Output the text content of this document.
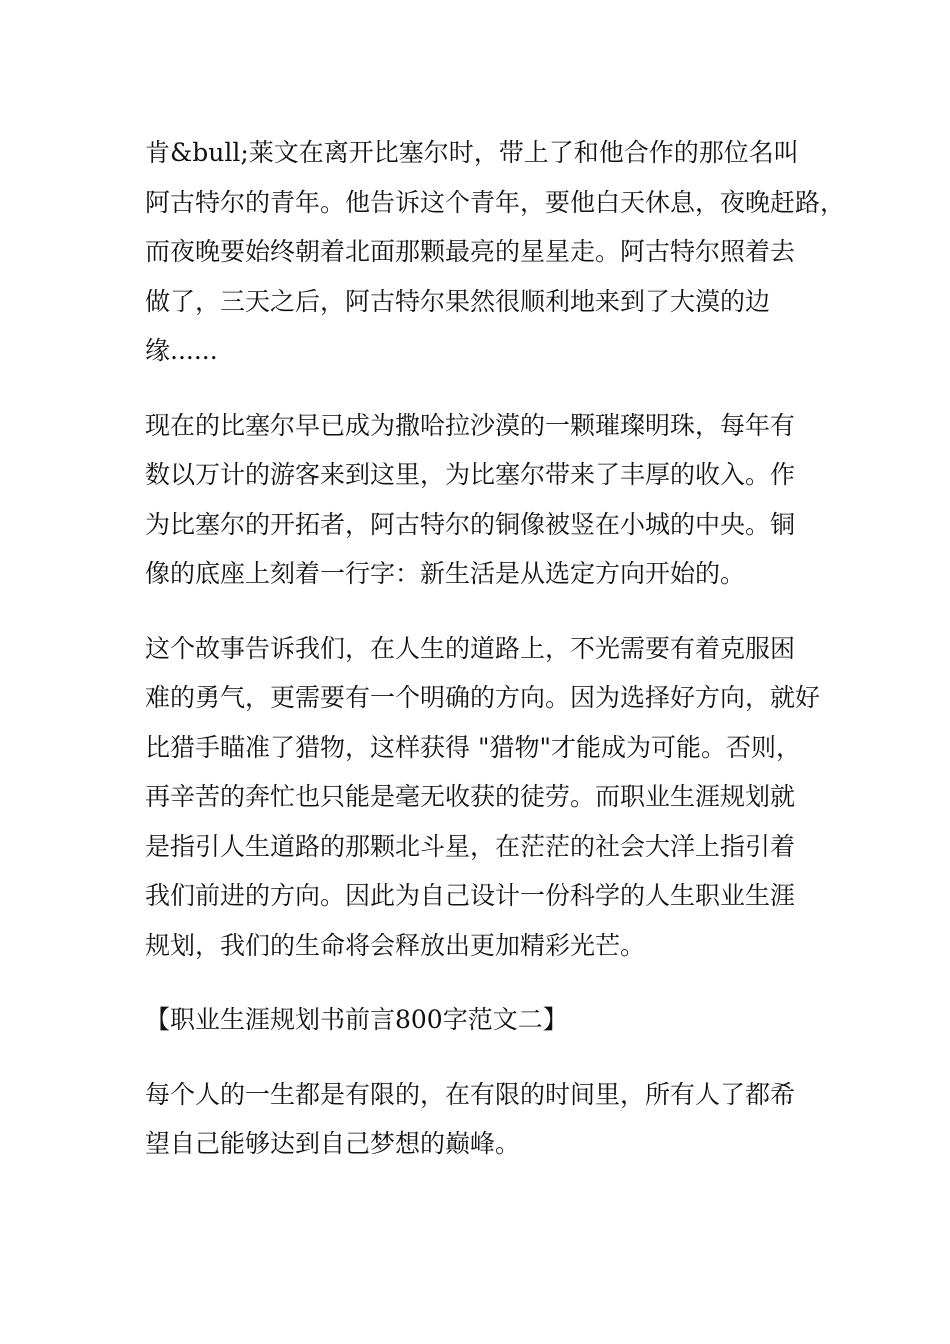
肯&bull;莱文在离开比塞尔时，带上了和他合作的那位名叫
阿古特尔的青年。他告诉这个青年，要他白天休息，夜晚赶路，
而夜晚要始终朝着北面那颗最亮的星星走。阿古特尔照着去
做了，三天之后，阿古特尔果然很顺利地来到了大漠的边
缘......

现在的比塞尔早已成为撒哈拉沙漠的一颗璀璨明珠，每年有
数以万计的游客来到这里，为比塞尔带来了丰厚的收入。作
为比塞尔的开拓者，阿古特尔的铜像被竖在小城的中央。铜
像的底座上刻着一行字：新生活是从选定方向开始的。

这个故事告诉我们，在人生的道路上，不光需要有着克服困
难的勇气，更需要有一个明确的方向。因为选择好方向，就好
比猎手瞄准了猎物，这样获得 "猎物"才能成为可能。否则，
再辛苦的奔忙也只能是毫无收获的徒劳。而职业生涯规划就
是指引人生道路的那颗北斗星，在茫茫的社会大洋上指引着
我们前进的方向。因此为自己设计一份科学的人生职业生涯
规划，我们的生命将会释放出更加精彩光芒。

【职业生涯规划书前言800字范文二】

每个人的一生都是有限的，在有限的时间里，所有人了都希
望自己能够达到自己梦想的巅峰。
